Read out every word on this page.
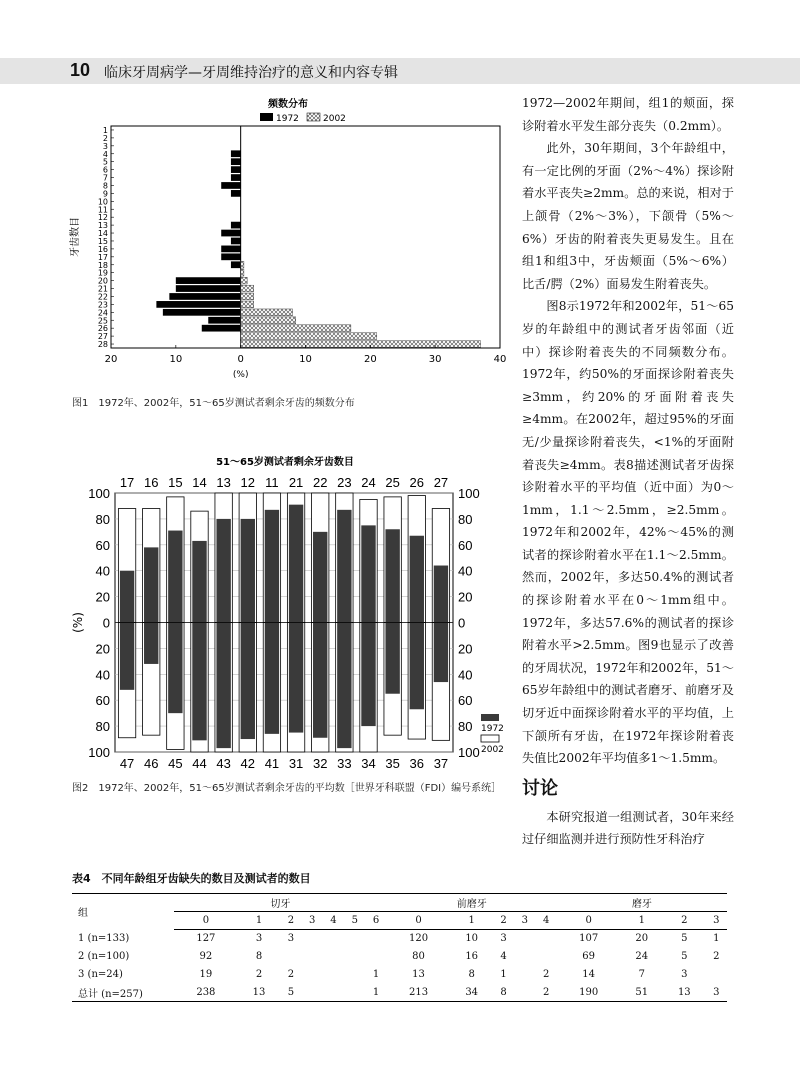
10 临床牙周病学—牙周维持治疗的意义和内容专辑
频数分布
1972	2002
1
2
3
4
5
6
7
8
9
10
11
12
13
14
15
16
17
18
19
20
21
22
23
24
25
26
27
28
20	10	0	10	20	30	40
(%)
牙齿数目
图1　1972年、2002年，51～65岁测试者剩余牙齿的频数分布
51～65岁测试者剩余牙齿数目
100	100
80	80
60	60
40	40
20	20
0	0
20	20
40	40
60	60
80	80
100	100
(%)
17
47
16
46
15
45
14
44
13
43
12
42
11
41
21
31
22
32
23
33
24
34
25
35
26
36
27
37
1972
2002
图2　1972年、2002年，51～65岁测试者剩余牙齿的平均数［世界牙科联盟（FDI）编号系统］

1972—2002年期间，组1的颊面，探诊附着水平发生部分丧失（0.2mm）。

此外，30年期间，3个年龄组中，有一定比例的牙面（2%～4%）探诊附着水平丧失≥2mm。总的来说，相对于上颌骨（2%～3%），下颌骨（5%～6%）牙齿的附着丧失更易发生。且在组1和组3中，牙齿颊面（5%～6%）比舌/腭（2%）面易发生附着丧失。

图8示1972年和2002年，51～65岁的年龄组中的测试者牙齿邻面（近中）探诊附着丧失的不同频数分布。1972年，约50%的牙面探诊附着丧失≥3mm，约20%的牙面附着丧失≥4mm。在2002年，超过95%的牙面无/少量探诊附着丧失，<1%的牙面附着丧失≥4mm。表8描述测试者牙齿探诊附着水平的平均值（近中面）为0～1mm，1.1～2.5mm，≥2.5mm。1972年和2002年，42%～45%的测试者的探诊附着水平在1.1～2.5mm。然而，2002年，多达50.4%的测试者的探诊附着水平在0～1mm组中。1972年，多达57.6%的测试者的探诊附着水平>2.5mm。图9也显示了改善的牙周状况，1972年和2002年，51～65岁年龄组中的测试者磨牙、前磨牙及切牙近中面探诊附着水平的平均值，上下颌所有牙齿，在1972年探诊附着丧失值比2002年平均值多1～1.5mm。

讨论

本研究报道一组测试者，30年来经过仔细监测并进行预防性牙科治疗

表4　不同年龄组牙齿缺失的数目及测试者的数目
组	切牙							前磨牙					磨牙			
	0	1	2	3	4	5	6	0	1	2	3	4	0	1	2	3
1 (n=133)	127	3	3					120	10	3			107	20	5	1
2 (n=100)	92	8						80	16	4			69	24	5	2
3 (n=24)	19	2	2				1	13	8	1		2	14	7	3	
总计 (n=257)	238	13	5				1	213	34	8		2	190	51	13	3
